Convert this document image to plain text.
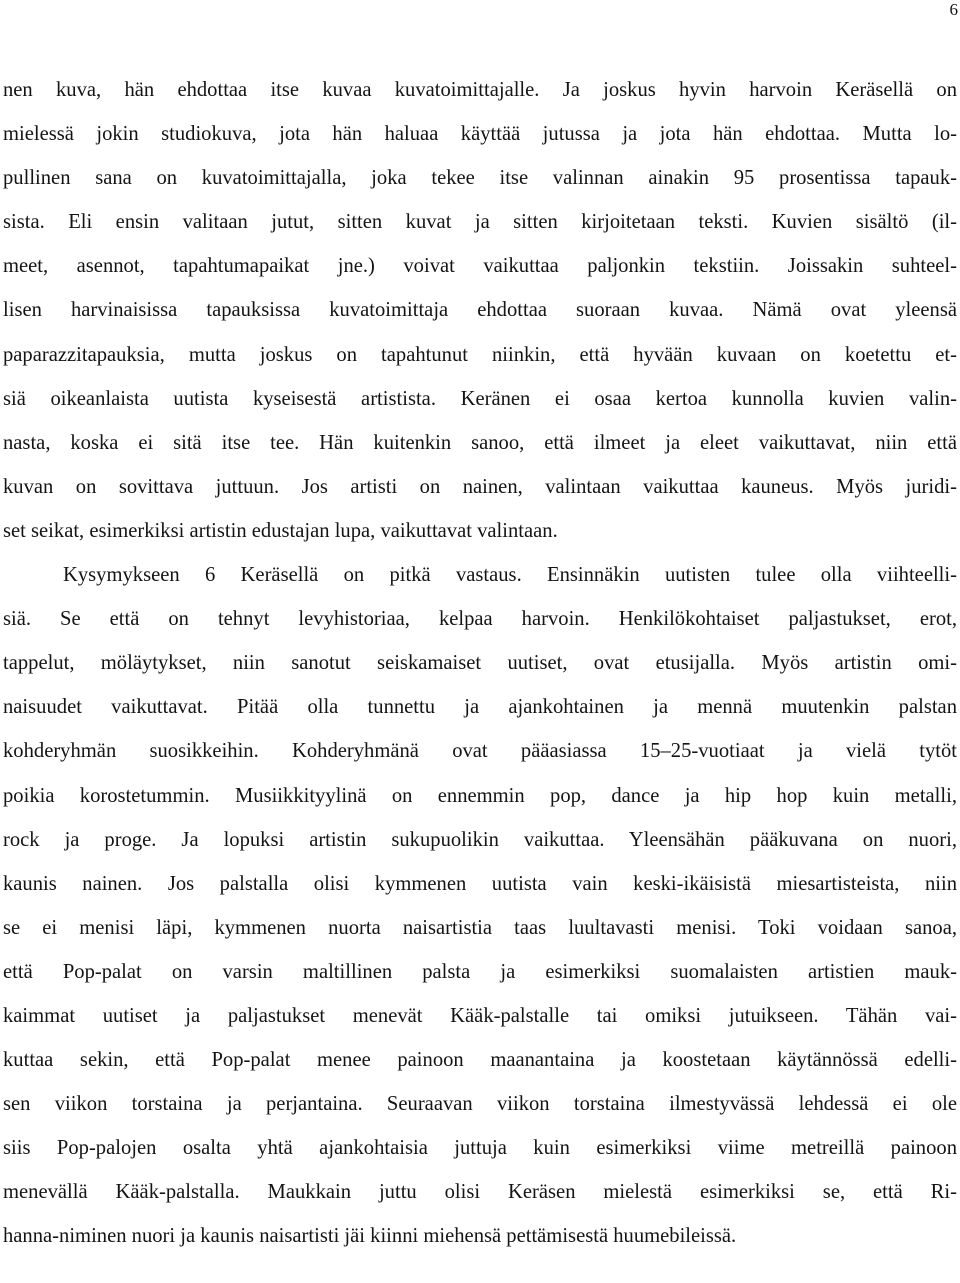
6
nen kuva, hän ehdottaa itse kuvaa kuvatoimittajalle. Ja joskus hyvin harvoin Keräsellä on
mielessä jokin studiokuva, jota hän haluaa käyttää jutussa ja jota hän ehdottaa. Mutta lo-
pullinen sana on kuvatoimittajalla, joka tekee itse valinnan ainakin 95 prosentissa tapauk-
sista. Eli ensin valitaan jutut, sitten kuvat ja sitten kirjoitetaan teksti. Kuvien sisältö (il-
meet, asennot, tapahtumapaikat jne.) voivat vaikuttaa paljonkin tekstiin. Joissakin suhteel-
lisen harvinaisissa tapauksissa kuvatoimittaja ehdottaa suoraan kuvaa. Nämä ovat yleensä
paparazzitapauksia, mutta joskus on tapahtunut niinkin, että hyvään kuvaan on koetettu et-
siä oikeanlaista uutista kyseisestä artistista. Keränen ei osaa kertoa kunnolla kuvien valin-
nasta, koska ei sitä itse tee. Hän kuitenkin sanoo, että ilmeet ja eleet vaikuttavat, niin että
kuvan on sovittava juttuun. Jos artisti on nainen, valintaan vaikuttaa kauneus. Myös juridi-
set seikat, esimerkiksi artistin edustajan lupa, vaikuttavat valintaan.
Kysymykseen 6 Keräsellä on pitkä vastaus. Ensinnäkin uutisten tulee olla viihteelli-
siä. Se että on tehnyt levyhistoriaa, kelpaa harvoin. Henkilökohtaiset paljastukset, erot,
tappelut, möläytykset, niin sanotut seiskamaiset uutiset, ovat etusijalla. Myös artistin omi-
naisuudet vaikuttavat. Pitää olla tunnettu ja ajankohtainen ja mennä muutenkin palstan
kohderyhmän suosikkeihin. Kohderyhmänä ovat pääasiassa 15–25-vuotiaat ja vielä tytöt
poikia korostetummin. Musiikkityylinä on ennemmin pop, dance ja hip hop kuin metalli,
rock ja proge. Ja lopuksi artistin sukupuolikin vaikuttaa. Yleensähän pääkuvana on nuori,
kaunis nainen. Jos palstalla olisi kymmenen uutista vain keski-ikäisistä miesartisteista, niin
se ei menisi läpi, kymmenen nuorta naisartistia taas luultavasti menisi. Toki voidaan sanoa,
että Pop-palat on varsin maltillinen palsta ja esimerkiksi suomalaisten artistien mauk-
kaimmat uutiset ja paljastukset menevät Kääk-palstalle tai omiksi jutuikseen. Tähän vai-
kuttaa sekin, että Pop-palat menee painoon maanantaina ja koostetaan käytännössä edelli-
sen viikon torstaina ja perjantaina. Seuraavan viikon torstaina ilmestyvässä lehdessä ei ole
siis Pop-palojen osalta yhtä ajankohtaisia juttuja kuin esimerkiksi viime metreillä painoon
menevällä Kääk-palstalla. Maukkain juttu olisi Keräsen mielestä esimerkiksi se, että Ri-
hanna-niminen nuori ja kaunis naisartisti jäi kiinni miehensä pettämisestä huumebileissä.
